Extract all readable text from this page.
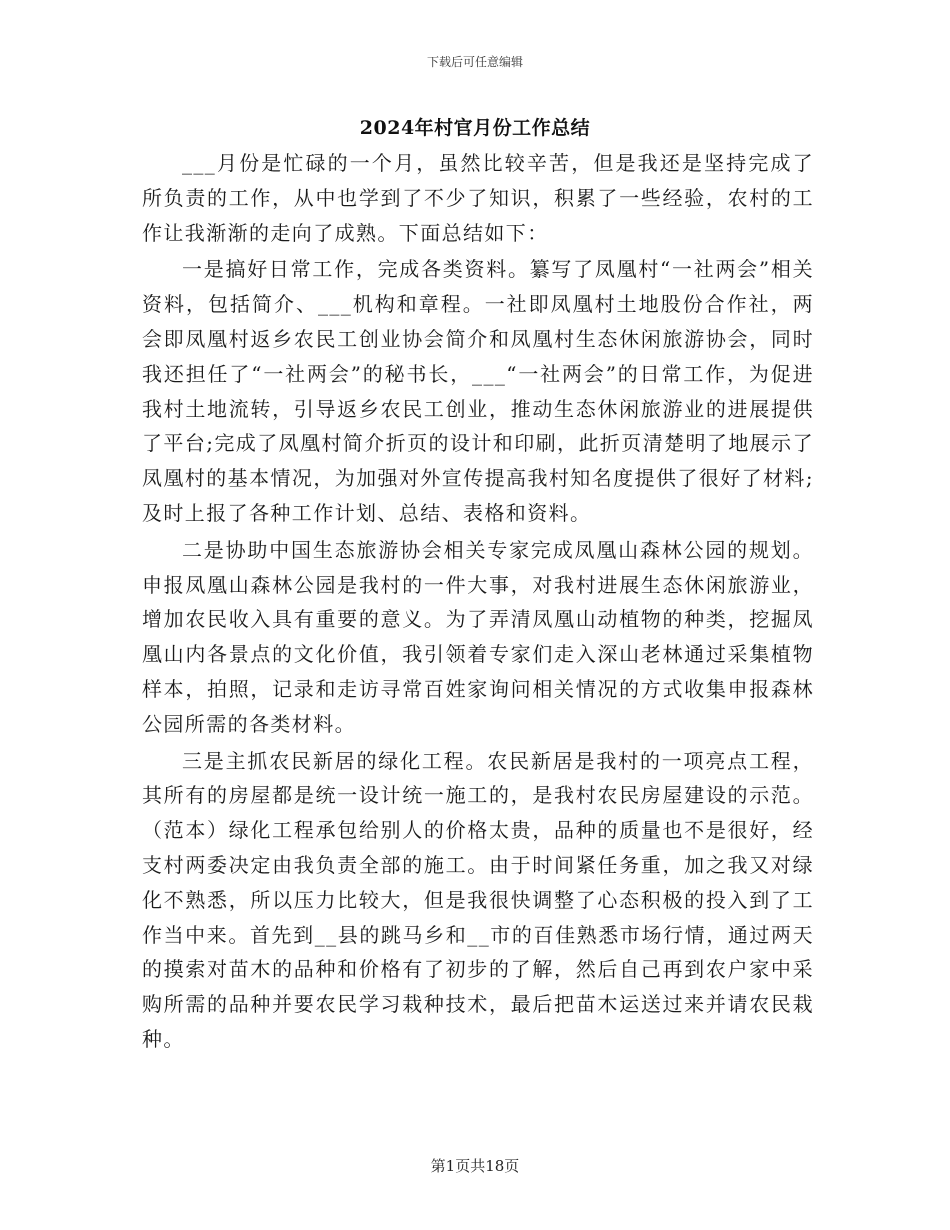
下载后可任意编辑
2024年村官月份工作总结

___月份是忙碌的一个月，虽然比较辛苦，但是我还是坚持完成了所负责的工作，从中也学到了不少了知识，积累了一些经验，农村的工作让我渐渐的走向了成熟。下面总结如下：

一是搞好日常工作，完成各类资料。纂写了凤凰村“一社两会”相关资料，包括简介、___机构和章程。一社即凤凰村土地股份合作社，两会即凤凰村返乡农民工创业协会简介和凤凰村生态休闲旅游协会，同时我还担任了“一社两会”的秘书长，___“一社两会”的日常工作，为促进我村土地流转，引导返乡农民工创业，推动生态休闲旅游业的进展提供了平台;完成了凤凰村简介折页的设计和印刷，此折页清楚明了地展示了凤凰村的基本情况，为加强对外宣传提高我村知名度提供了很好了材料;及时上报了各种工作计划、总结、表格和资料。

二是协助中国生态旅游协会相关专家完成凤凰山森林公园的规划。申报凤凰山森林公园是我村的一件大事，对我村进展生态休闲旅游业，增加农民收入具有重要的意义。为了弄清凤凰山动植物的种类，挖掘凤凰山内各景点的文化价值，我引领着专家们走入深山老林通过采集植物样本，拍照，记录和走访寻常百姓家询问相关情况的方式收集申报森林公园所需的各类材料。

三是主抓农民新居的绿化工程。农民新居是我村的一项亮点工程，其所有的房屋都是统一设计统一施工的，是我村农民房屋建设的示范。（范本）绿化工程承包给别人的价格太贵，品种的质量也不是很好，经支村两委决定由我负责全部的施工。由于时间紧任务重，加之我又对绿化不熟悉，所以压力比较大，但是我很快调整了心态积极的投入到了工作当中来。首先到__县的跳马乡和__市的百佳熟悉市场行情，通过两天的摸索对苗木的品种和价格有了初步的了解，然后自己再到农户家中采购所需的品种并要农民学习栽种技术，最后把苗木运送过来并请农民栽种。

第1页共18页
